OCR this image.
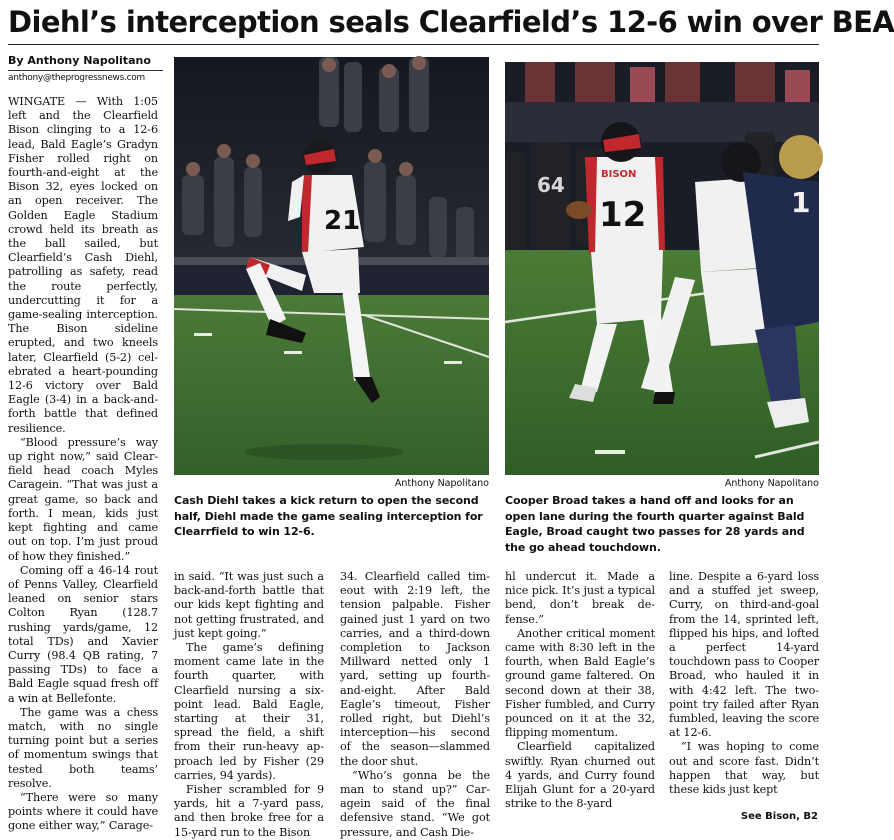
Diehl’s interception seals Clearfield’s 12-6 win over BEA
By Anthony Napolitano
anthony@theprogressnews.com
21
Anthony Napolitano
Cash Diehl takes a kick return to open the second half, Diehl made the game sealing interception for Clearrfield to win 12-6.
64	BISON
12	1
Anthony Napolitano
Cooper Broad takes a hand off and looks for an open lane during the fourth quarter against Bald Eagle, Broad caught two passes for 28 yards and the go ahead touchdown.

WINGATE — With 1:05 left and the Clearfield Bison clinging to a 12-6 lead, Bald Eagle’s Gradyn Fisher rolled right on fourth-and-eight at the Bison 32, eyes locked on an open receiver. The Golden Eagle Stadium crowd held its breath as the ball sailed, but Clearfield’s Cash Diehl, patrolling as safety, read the route perfectly, undercutting it for a game-sealing interception. The Bison sideline erupted, and two kneels later, Clearfield (5-2) celebrated a heart-pounding 12-6 victory over Bald Eagle (3-4) in a back-and-forth battle that defined resilience.

“Blood pressure’s way up right now,” said Clearfield head coach Myles Caragein. “That was just a great game, so back and forth. I mean, kids just kept fighting and came out on top. I’m just proud of how they finished.”

Coming off a 46-14 rout of Penns Valley, Clearfield leaned on senior stars Colton Ryan (128.7 rushing yards/game, 12 total TDs) and Xavier Curry (98.4 QB rating, 7 passing TDs) to face a Bald Eagle squad fresh off a win at Bellefonte.

The game was a chess match, with no single turning point but a series of momentum swings that tested both teams’ resolve.

“There were so many points where it could have gone either way,” Carage-

in said. “It was just such a back-and-forth battle that our kids kept fighting and not getting frustrated, and just kept going.”

The game’s defining moment came late in the fourth quarter, with Clearfield nursing a six-point lead. Bald Eagle, starting at their 31, spread the field, a shift from their run-heavy approach led by Fisher (29 carries, 94 yards).

Fisher scrambled for 9 yards, hit a 7-yard pass, and then broke free for a 15-yard run to the Bison

34. Clearfield called timeout with 2:19 left, the tension palpable. Fisher gained just 1 yard on two carries, and a third-down completion to Jackson Millward netted only 1 yard, setting up fourth-and-eight. After Bald Eagle’s timeout, Fisher rolled right, but Diehl’s interception—his second of the season—slammed the door shut.

“Who’s gonna be the man to stand up?” Caragein said of the final defensive stand. “We got pressure, and Cash Die-

hl undercut it. Made a nice pick. It’s just a typical bend, don’t break defense.”

Another critical moment came with 8:30 left in the fourth, when Bald Eagle’s ground game faltered. On second down at their 38, Fisher fumbled, and Curry pounced on it at the 32, flipping momentum.

Clearfield capitalized swiftly. Ryan churned out 4 yards, and Curry found Elijah Glunt for a 20-yard strike to the 8-yard

line. Despite a 6-yard loss and a stuffed jet sweep, Curry, on third-and-goal from the 14, sprinted left, flipped his hips, and lofted a perfect 14-yard touchdown pass to Cooper Broad, who hauled it in with 4:42 left. The two-point try failed after Ryan fumbled, leaving the score at 12-6.

“I was hoping to come out and score fast. Didn’t happen that way, but these kids just kept

See Bison, B2
